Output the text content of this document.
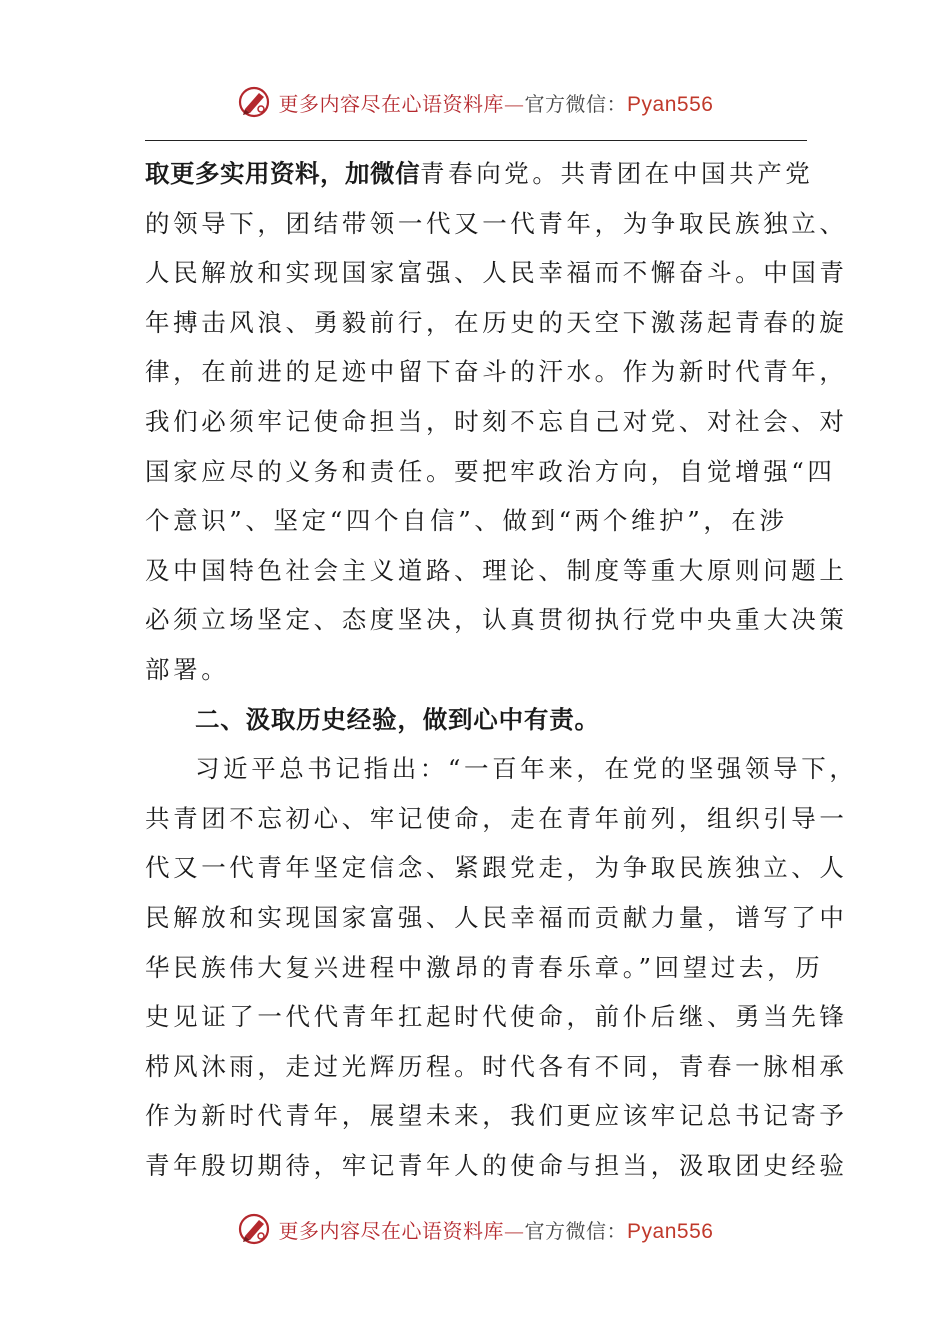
更多内容尽在心语资料库—官方微信：Pyan556
取更多实用资料，加微信青春向党。共青团在中国共产党
的领导下，团结带领一代又一代青年，为争取民族独立、
人民解放和实现国家富强、人民幸福而不懈奋斗。中国青
年搏击风浪、勇毅前行，在历史的天空下激荡起青春的旋
律，在前进的足迹中留下奋斗的汗水。作为新时代青年，
我们必须牢记使命担当，时刻不忘自己对党、对社会、对
国家应尽的义务和责任。要把牢政治方向，自觉增强“四
个意识”、坚定“四个自信”、做到“两个维护”，在涉
及中国特色社会主义道路、理论、制度等重大原则问题上
必须立场坚定、态度坚决，认真贯彻执行党中央重大决策
部署。
二、汲取历史经验，做到心中有责。
习近平总书记指出：“一百年来，在党的坚强领导下，
共青团不忘初心、牢记使命，走在青年前列，组织引导一
代又一代青年坚定信念、紧跟党走，为争取民族独立、人
民解放和实现国家富强、人民幸福而贡献力量，谱写了中
华民族伟大复兴进程中激昂的青春乐章。”回望过去，历
史见证了一代代青年扛起时代使命，前仆后继、勇当先锋
栉风沐雨，走过光辉历程。时代各有不同，青春一脉相承
作为新时代青年，展望未来，我们更应该牢记总书记寄予
青年殷切期待，牢记青年人的使命与担当，汲取团史经验
更多内容尽在心语资料库—官方微信：Pyan556
